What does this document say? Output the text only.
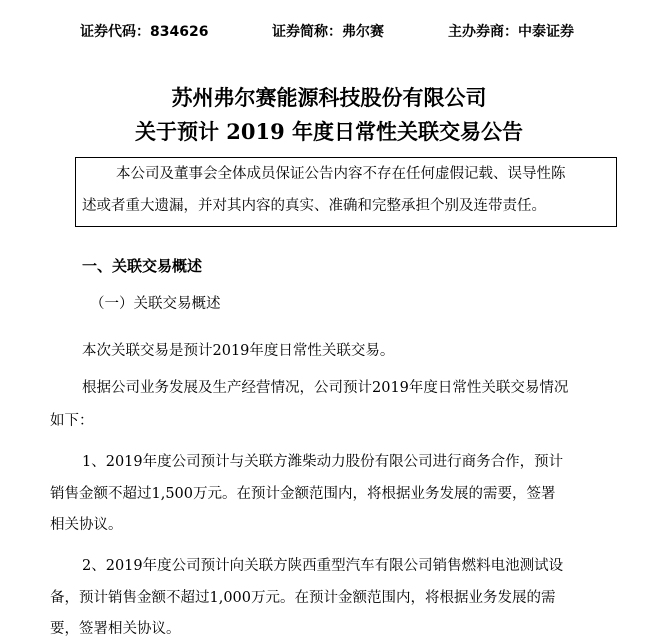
证券代码：834626	证券简称：弗尔赛	主办券商：中泰证券
苏州弗尔赛能源科技股份有限公司
关于预计 2019 年度日常性关联交易公告
本公司及董事会全体成员保证公告内容不存在任何虚假记载、误导性陈
述或者重大遗漏，并对其内容的真实、准确和完整承担个别及连带责任。
一、关联交易概述
（一）关联交易概述
本次关联交易是预计2019年度日常性关联交易。
根据公司业务发展及生产经营情况，公司预计2019年度日常性关联交易情况
如下：
1、2019年度公司预计与关联方潍柴动力股份有限公司进行商务合作，预计
销售金额不超过1,500万元。在预计金额范围内，将根据业务发展的需要，签署
相关协议。
2、2019年度公司预计向关联方陕西重型汽车有限公司销售燃料电池测试设
备，预计销售金额不超过1,000万元。在预计金额范围内，将根据业务发展的需
要，签署相关协议。
